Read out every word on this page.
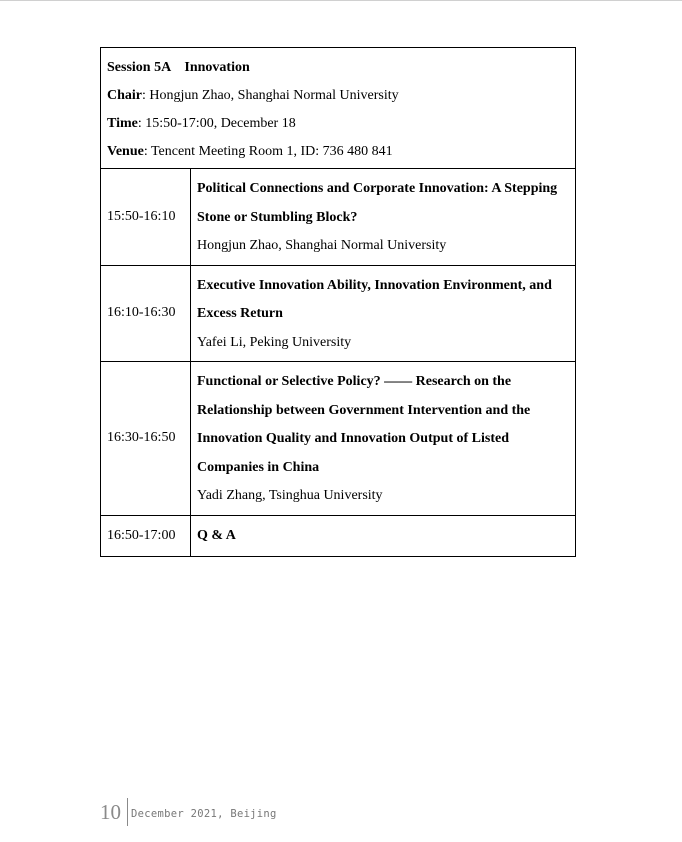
Session 5A    Innovation
Chair: Hongjun Zhao, Shanghai Normal University
Time: 15:50-17:00, December 18
Venue: Tencent Meeting Room 1, ID: 736 480 841	

15:50-16:10	Political Connections and Corporate Innovation: A Stepping Stone or Stumbling Block?
Hongjun Zhao, Shanghai Normal University

16:10-16:30	Executive Innovation Ability, Innovation Environment, and Excess Return
Yafei Li, Peking University

16:30-16:50	Functional or Selective Policy? —— Research on the Relationship between Government Intervention and the Innovation Quality and Innovation Output of Listed Companies in China
Yadi Zhang, Tsinghua University

16:50-17:00	Q & A
10 December 2021, Beijing
